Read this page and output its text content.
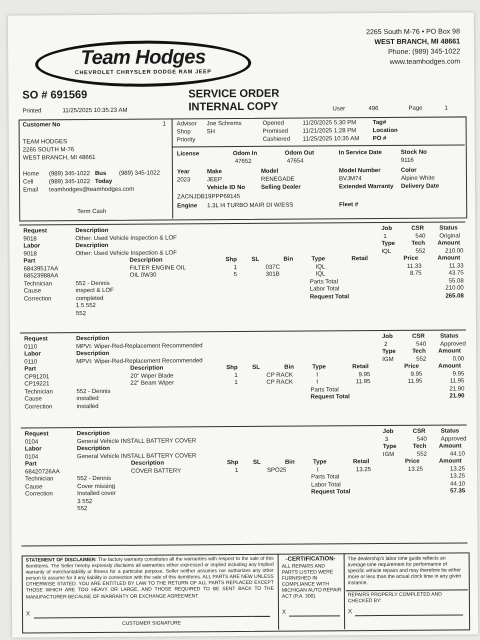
Team Hodges
CHEVROLET CHRYSLER DODGE RAM JEEP
2265 South M-76 • PO Box 98
WEST BRANCH, MI 48661
Phone: (989) 345-1022
www.teamhodges.com
SO # 691569	SERVICE ORDER
INTERNAL COPY
Printed	11/25/2025 10:35:23 AM	User	496	Page	1
Customer No	1
TEAM HODGES
2265 SOUTH M-76
WEST BRANCH, MI 48661
Home (989) 345-1022 Bus (989) 345-1022
Cell	(989) 345-1022 Today
Email teamhodges@teamhodges.com
Term Cash
Advisor Joe Schrems
Shop	SH
Priority
Opened	11/20/2025 5:30 PM
Promised 11/21/2025 1:28 PM
Cashiered 11/25/2025 10:35 AM
Tag#
Location
PO #
License	Odom In
47652
Odom Out
47654
In Service Date	Stock No
9116
Year
2023
Make
JEEP
Model
RENEGADE
Model Number
BVJM74
Color
Alpine White
Vehicle ID No	Selling Dealer	Extended Warranty Delivery Date
ZACNJDB19PPP69145
Engine 1.3L I4 TURBO MAIR DI W/ESS	Fleet #
Request	Description	Job	CSR	Status
9018	Other: Used Vehicle Inspection & LOF	1	540 Original
Labor	Description	Type	Tech Amount
9018	Other: Used Vehicle Inspection & LOF	IQL	552	210.00
Part	Description	Shp SL	Bin	Type	Retail	Price	Amount
68439517AA	FILTER ENGINE OIL	1	037C	IQL	11.33	11.33
68523988AA	OIL 0W30	5	301B	IQL	8.75	43.75
Technician	552 - Dennis
Cause	inspect & LOF
Correction	completed
1.5 552
552
Parts Total	55.08
Labor Total	210.00
Request Total	265.08
Request	Description	Job	CSR	Status
0110	MPVI: Wiper-Red-Replacement Recommended	2	540 Approved
Labor	Description	Type	Tech Amount
0110	MPVI: Wiper-Red-Replacement Recommended	IGM	552	0.00
Part	Description	Shp SL	Bin	Type	Retail	Price	Amount
CP91201	20" Wiper Blade	1	CP RACK	I	9.95	9.95	9.95
CP19221	22" Beam Wiper	1	CP RACK	I	11.95	11.95	11.95
Technician	552 - Dennis
Cause	installed
Correction	installed
Parts Total	21.90
Request Total	21.90
Request	Description	Job	CSR	Status
0104	General Vehicle INSTALL BATTERY COVER	3	540 Approved
Labor	Description	Type	Tech Amount
0104	General Vehicle INSTALL BATTERY COVER	IGM	552	44.10
Part	Description	Shp SL	Bin	Type	Retail	Price	Amount
68420726AA	COVER BATTERY	1	SPO25	I	13.25	13.25	13.25
Technician	552 - Dennis
Cause	Cover missing
Correction	Installed cover
3 552
552
Parts Total	13.25
Labor Total	44.10
Request Total	57.35
STATEMENT OF DISCLAIMER: The factory warranty constitutes all the warranties with respect to the sale of this item/items. The Seller hereby expressly disclaims all warranties either expressed or implied including any implied warranty of merchantability or fitness for a particular purpose. Seller neither assumes nor authorizes any other person to assume for it any liability in connection with the sale of this item/items. ALL PARTS ARE NEW UNLESS OTHERWISE STATED. YOU ARE ENTITLED BY LAW TO THE RETURN OF ALL PARTS REPLACED EXCEPT THOSE WHICH ARE TOO HEAVY OR LARGE, AND THOSE REQUIRED TO BE SENT BACK TO THE MANUFACTURER BECAUSE OF WARRANTY OR EXCHANGE AGREEMENT.
X
CUSTOMER SIGNATURE
-CERTIFICATION-
ALL REPAIRS AND PARTS LISTED WERE FURNISHED IN COMPLIANCE WITH MICHIGAN AUTO REPAIR ACT (P.A. 300).
X
The dealership's labor time guide reflects an average time requirement for performance of specific vehicle repairs and may therefore be either more or less than the actual clock time in any given instance.
REPAIRS PROPERLY COMPLETED AND CHECKED BY:
X
